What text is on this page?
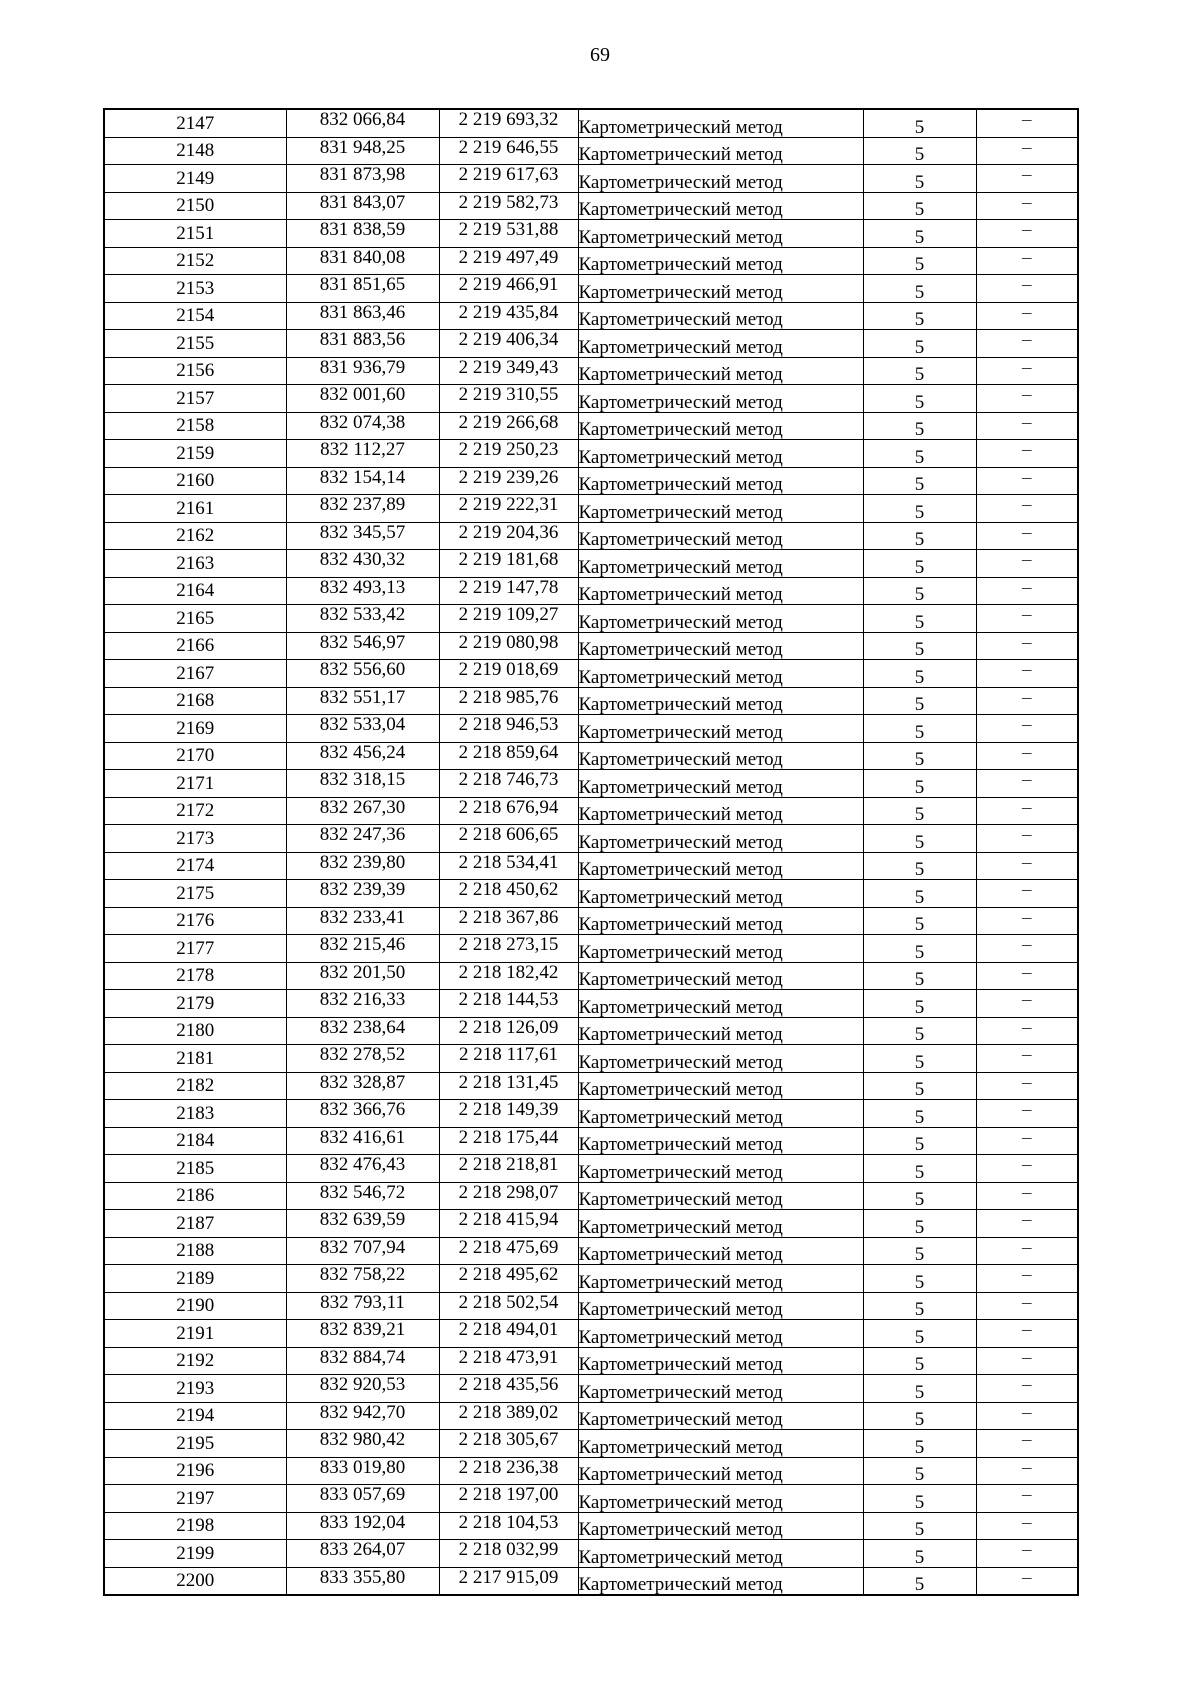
69
2147	832 066,84	2 219 693,32	Картометрический метод	5	–
2148	831 948,25	2 219 646,55	Картометрический метод	5	–
2149	831 873,98	2 219 617,63	Картометрический метод	5	–
2150	831 843,07	2 219 582,73	Картометрический метод	5	–
2151	831 838,59	2 219 531,88	Картометрический метод	5	–
2152	831 840,08	2 219 497,49	Картометрический метод	5	–
2153	831 851,65	2 219 466,91	Картометрический метод	5	–
2154	831 863,46	2 219 435,84	Картометрический метод	5	–
2155	831 883,56	2 219 406,34	Картометрический метод	5	–
2156	831 936,79	2 219 349,43	Картометрический метод	5	–
2157	832 001,60	2 219 310,55	Картометрический метод	5	–
2158	832 074,38	2 219 266,68	Картометрический метод	5	–
2159	832 112,27	2 219 250,23	Картометрический метод	5	–
2160	832 154,14	2 219 239,26	Картометрический метод	5	–
2161	832 237,89	2 219 222,31	Картометрический метод	5	–
2162	832 345,57	2 219 204,36	Картометрический метод	5	–
2163	832 430,32	2 219 181,68	Картометрический метод	5	–
2164	832 493,13	2 219 147,78	Картометрический метод	5	–
2165	832 533,42	2 219 109,27	Картометрический метод	5	–
2166	832 546,97	2 219 080,98	Картометрический метод	5	–
2167	832 556,60	2 219 018,69	Картометрический метод	5	–
2168	832 551,17	2 218 985,76	Картометрический метод	5	–
2169	832 533,04	2 218 946,53	Картометрический метод	5	–
2170	832 456,24	2 218 859,64	Картометрический метод	5	–
2171	832 318,15	2 218 746,73	Картометрический метод	5	–
2172	832 267,30	2 218 676,94	Картометрический метод	5	–
2173	832 247,36	2 218 606,65	Картометрический метод	5	–
2174	832 239,80	2 218 534,41	Картометрический метод	5	–
2175	832 239,39	2 218 450,62	Картометрический метод	5	–
2176	832 233,41	2 218 367,86	Картометрический метод	5	–
2177	832 215,46	2 218 273,15	Картометрический метод	5	–
2178	832 201,50	2 218 182,42	Картометрический метод	5	–
2179	832 216,33	2 218 144,53	Картометрический метод	5	–
2180	832 238,64	2 218 126,09	Картометрический метод	5	–
2181	832 278,52	2 218 117,61	Картометрический метод	5	–
2182	832 328,87	2 218 131,45	Картометрический метод	5	–
2183	832 366,76	2 218 149,39	Картометрический метод	5	–
2184	832 416,61	2 218 175,44	Картометрический метод	5	–
2185	832 476,43	2 218 218,81	Картометрический метод	5	–
2186	832 546,72	2 218 298,07	Картометрический метод	5	–
2187	832 639,59	2 218 415,94	Картометрический метод	5	–
2188	832 707,94	2 218 475,69	Картометрический метод	5	–
2189	832 758,22	2 218 495,62	Картометрический метод	5	–
2190	832 793,11	2 218 502,54	Картометрический метод	5	–
2191	832 839,21	2 218 494,01	Картометрический метод	5	–
2192	832 884,74	2 218 473,91	Картометрический метод	5	–
2193	832 920,53	2 218 435,56	Картометрический метод	5	–
2194	832 942,70	2 218 389,02	Картометрический метод	5	–
2195	832 980,42	2 218 305,67	Картометрический метод	5	–
2196	833 019,80	2 218 236,38	Картометрический метод	5	–
2197	833 057,69	2 218 197,00	Картометрический метод	5	–
2198	833 192,04	2 218 104,53	Картометрический метод	5	–
2199	833 264,07	2 218 032,99	Картометрический метод	5	–
2200	833 355,80	2 217 915,09	Картометрический метод	5	–
